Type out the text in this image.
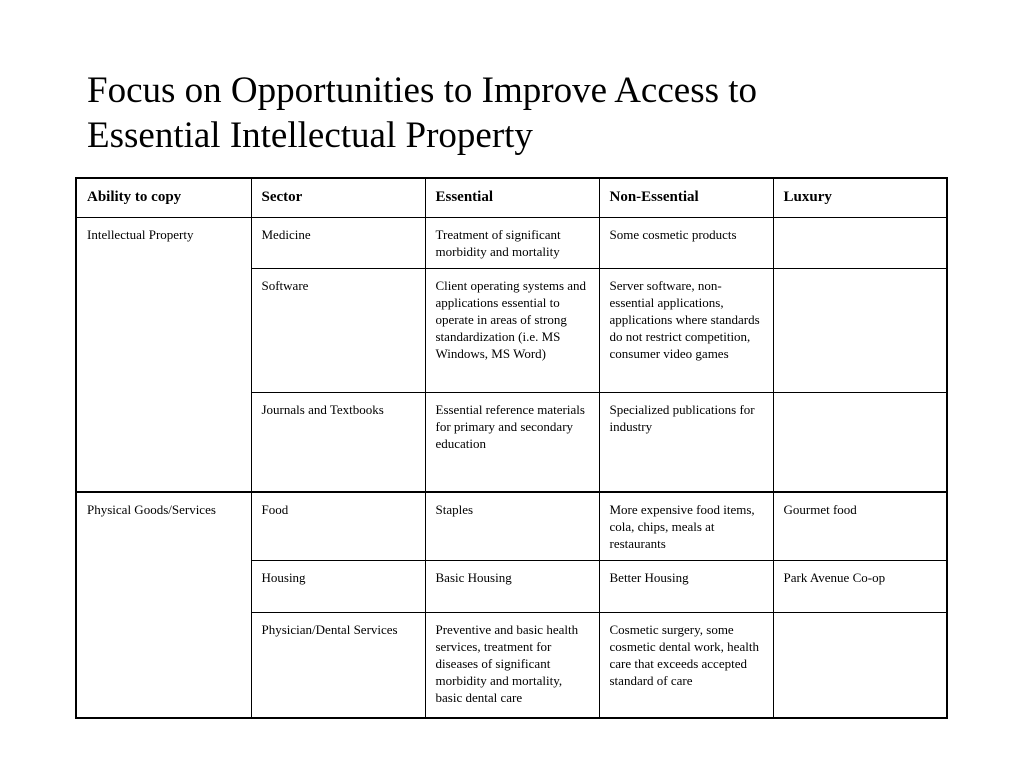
Focus on Opportunities to Improve Access to
Essential Intellectual Property
Ability to copy	Sector	Essential	Non-Essential	Luxury
Intellectual Property	Medicine	Treatment of significant morbidity and mortality	Some cosmetic products	
	Software	Client operating systems and applications essential to operate in areas of strong standardization (i.e. MS Windows, MS Word)	Server software, non-essential applications, applications where standards do not restrict competition, consumer video games	
	Journals and Textbooks	Essential reference materials for primary and secondary education	Specialized publications for industry	
Physical Goods/Services	Food	Staples	More expensive food items, cola, chips, meals at restaurants	Gourmet food
	Housing	Basic Housing	Better Housing	Park Avenue Co-op
	Physician/Dental Services	Preventive and basic health services, treatment for diseases of significant morbidity and mortality, basic dental care	Cosmetic surgery, some cosmetic dental work, health care that exceeds accepted standard of care	
